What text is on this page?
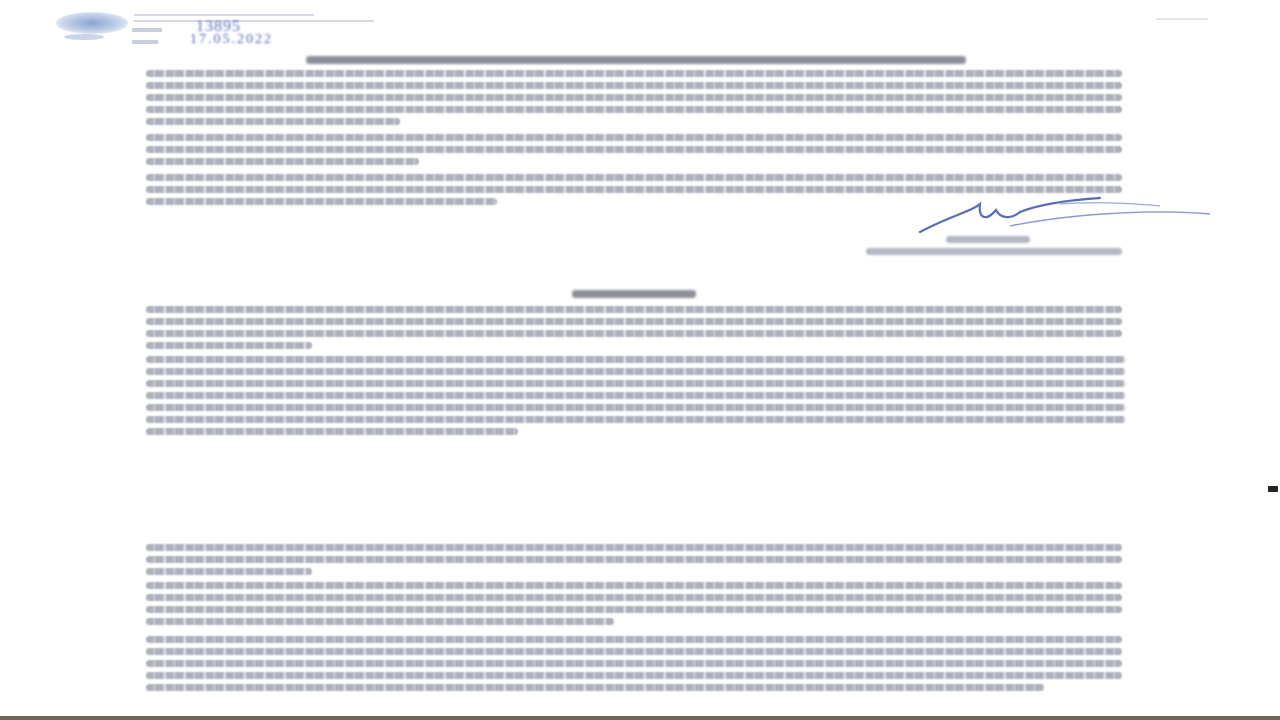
13895

17.05.2022
